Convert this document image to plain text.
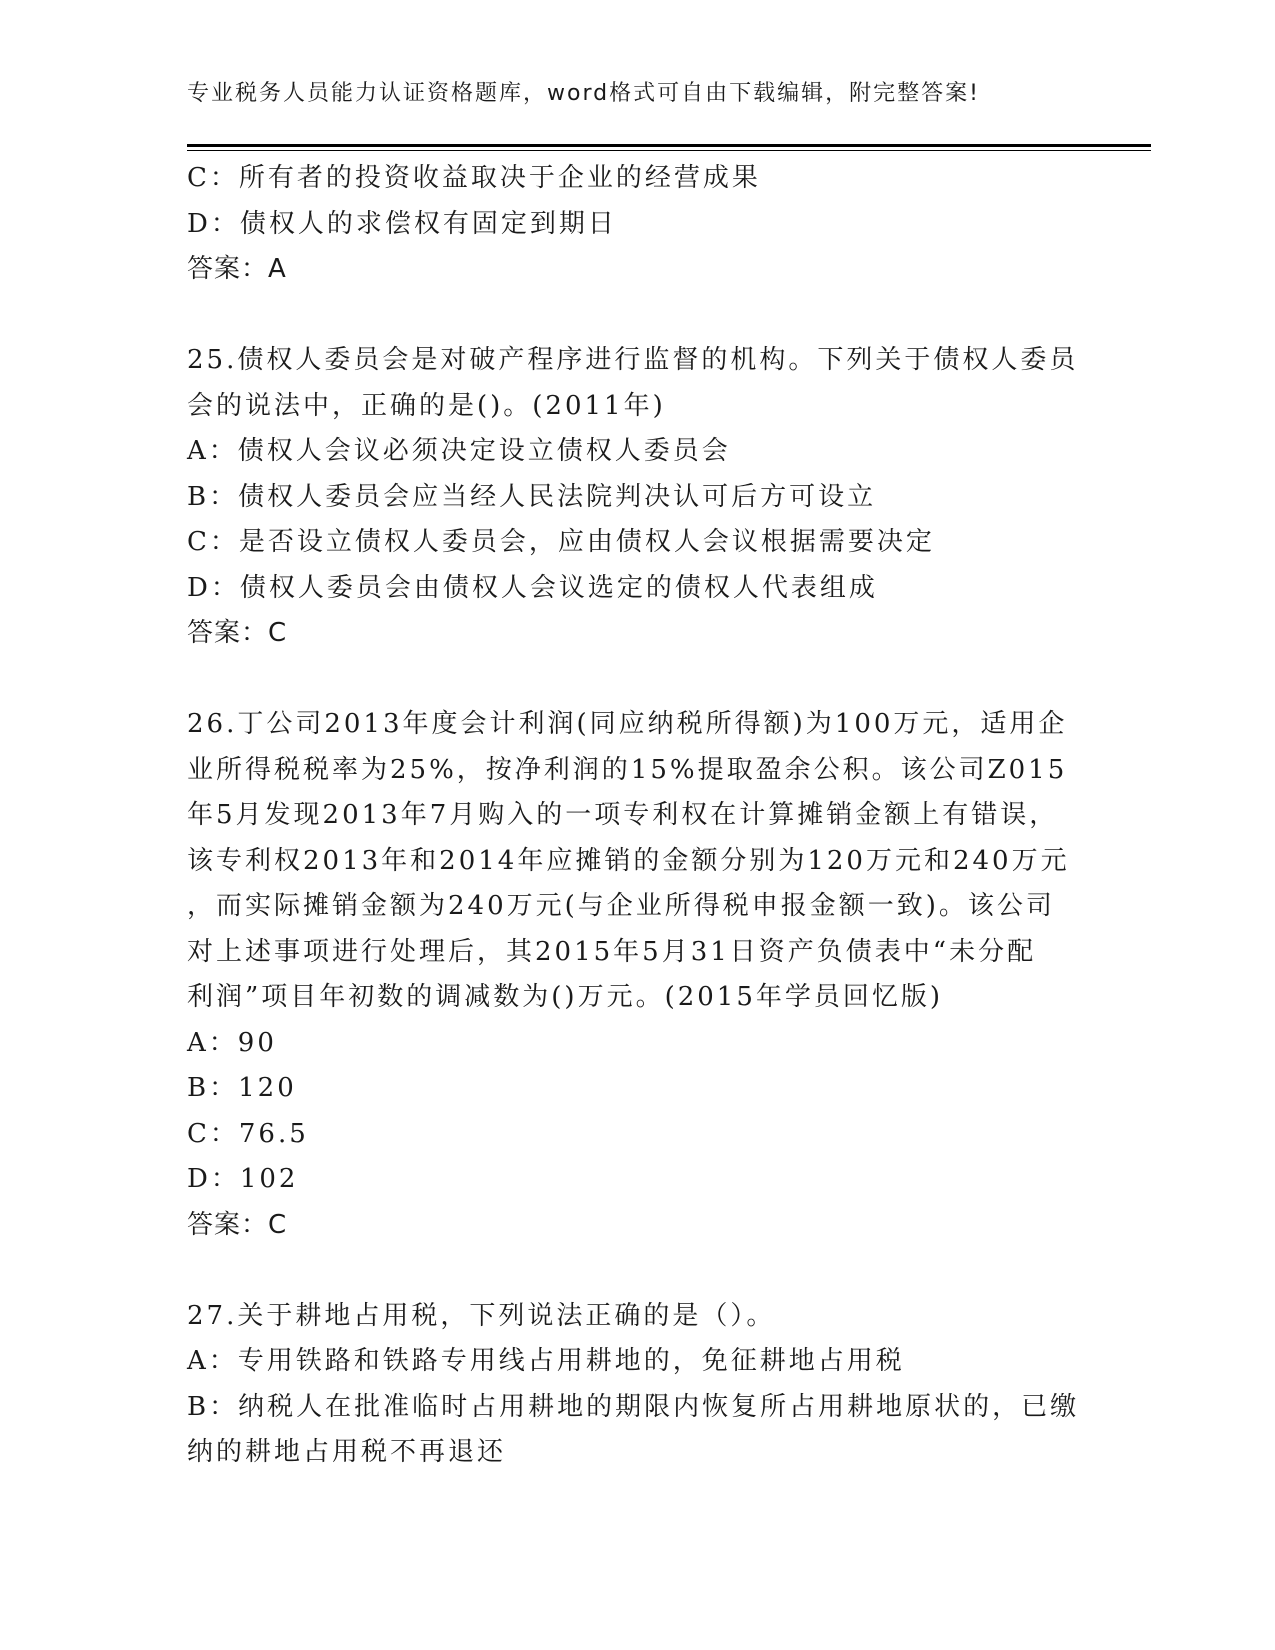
专业税务人员能力认证资格题库，word格式可自由下载编辑，附完整答案!
C：所有者的投资收益取决于企业的经营成果
D：债权人的求偿权有固定到期日
答案：A
25.债权人委员会是对破产程序进行监督的机构。下列关于债权人委员
会的说法中，正确的是()。(2011年)
A：债权人会议必须决定设立债权人委员会
B：债权人委员会应当经人民法院判决认可后方可设立
C：是否设立债权人委员会，应由债权人会议根据需要决定
D：债权人委员会由债权人会议选定的债权人代表组成
答案：C
26.丁公司2013年度会计利润(同应纳税所得额)为100万元，适用企
业所得税税率为25%，按净利润的15%提取盈余公积。该公司Z015
年5月发现2013年7月购入的一项专利权在计算摊销金额上有错误，
该专利权2013年和2014年应摊销的金额分别为120万元和240万元
，而实际摊销金额为240万元(与企业所得税申报金额一致)。该公司
对上述事项进行处理后，其2015年5月31日资产负债表中“未分配
利润”项目年初数的调减数为()万元。(2015年学员回忆版)
A：90
B：120
C：76.5
D：102
答案：C
27.关于耕地占用税，下列说法正确的是（）。
A：专用铁路和铁路专用线占用耕地的，免征耕地占用税
B：纳税人在批准临时占用耕地的期限内恢复所占用耕地原状的，已缴
纳的耕地占用税不再退还
